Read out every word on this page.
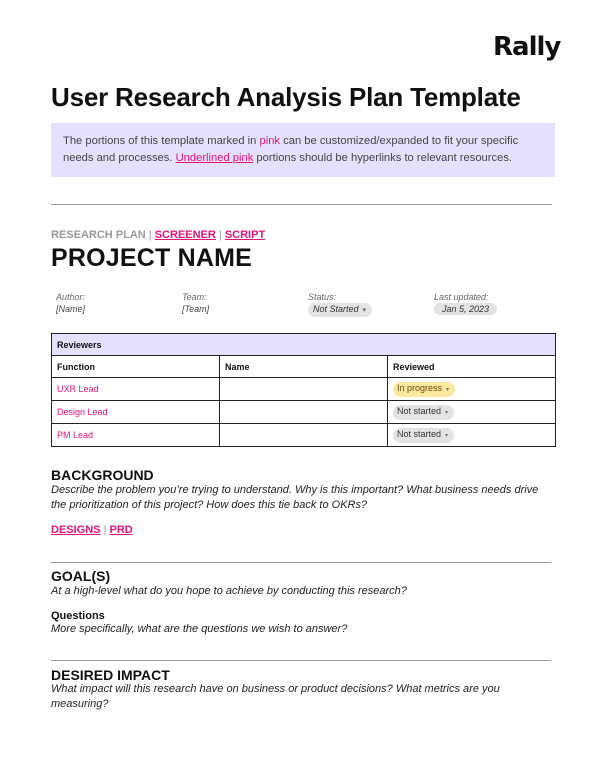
Rally
User Research Analysis Plan Template
The portions of this template marked in pink can be customized/expanded to fit your specific needs and processes. Underlined pink portions should be hyperlinks to relevant resources.
RESEARCH PLAN | SCREENER | SCRIPT
PROJECT NAME
Author:
[Name]
Team:
[Team]
Status:
Not Started ▾
Last updated:
Jan 5, 2023
Reviewers		
Function	Name	Reviewed
UXR Lead		In progress ▾
Design Lead		Not started ▾
PM Lead		Not started ▾
BACKGROUND
Describe the problem you’re trying to understand. Why is this important? What business needs drive the prioritization of this project? How does this tie back to OKRs?
DESIGNS | PRD
GOAL(S)
At a high-level what do you hope to achieve by conducting this research?
Questions
More specifically, what are the questions we wish to answer?
DESIRED IMPACT
What impact will this research have on business or product decisions? What metrics are you measuring?
